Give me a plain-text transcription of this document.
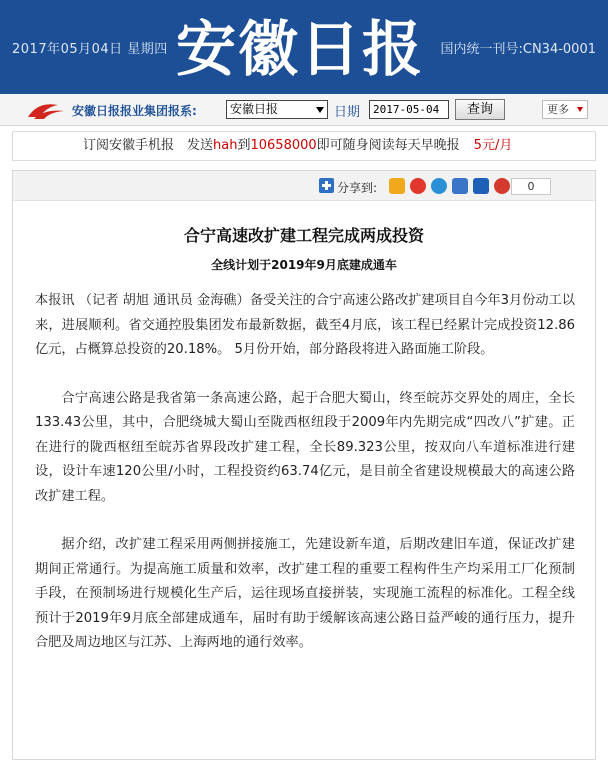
2017年05月04日 星期四 安徽日报 国内统一刊号:CN34-0001
安徽日报报业集团报系:	安徽日报	日期	2017-05-04	查询	更多
订阅安徽手机报　发送hah到10658000即可随身阅读每天早晚报 5元/月
分享到:	0
合宁高速改扩建工程完成两成投资
全线计划于2019年9月底建成通车

本报讯 （记者 胡旭 通讯员 金海礁）备受关注的合宁高速公路改扩建项目自今年3月份动工以来，进展顺利。省交通控股集团发布最新数据，截至4月底，该工程已经累计完成投资12.86亿元，占概算总投资的20.18%。 5月份开始，部分路段将进入路面施工阶段。

合宁高速公路是我省第一条高速公路，起于合肥大蜀山，终至皖苏交界处的周庄，全长133.43公里，其中，合肥绕城大蜀山至陇西枢纽段于2009年内先期完成“四改八”扩建。正在进行的陇西枢纽至皖苏省界段改扩建工程，全长89.323公里，按双向八车道标准进行建设，设计车速120公里/小时，工程投资约63.74亿元，是目前全省建设规模最大的高速公路改扩建工程。

据介绍，改扩建工程采用两侧拼接施工，先建设新车道，后期改建旧车道，保证改扩建期间正常通行。为提高施工质量和效率，改扩建工程的重要工程构件生产均采用工厂化预制手段，在预制场进行规模化生产后，运往现场直接拼装，实现施工流程的标准化。工程全线预计于2019年9月底全部建成通车，届时有助于缓解该高速公路日益严峻的通行压力，提升合肥及周边地区与江苏、上海两地的通行效率。
